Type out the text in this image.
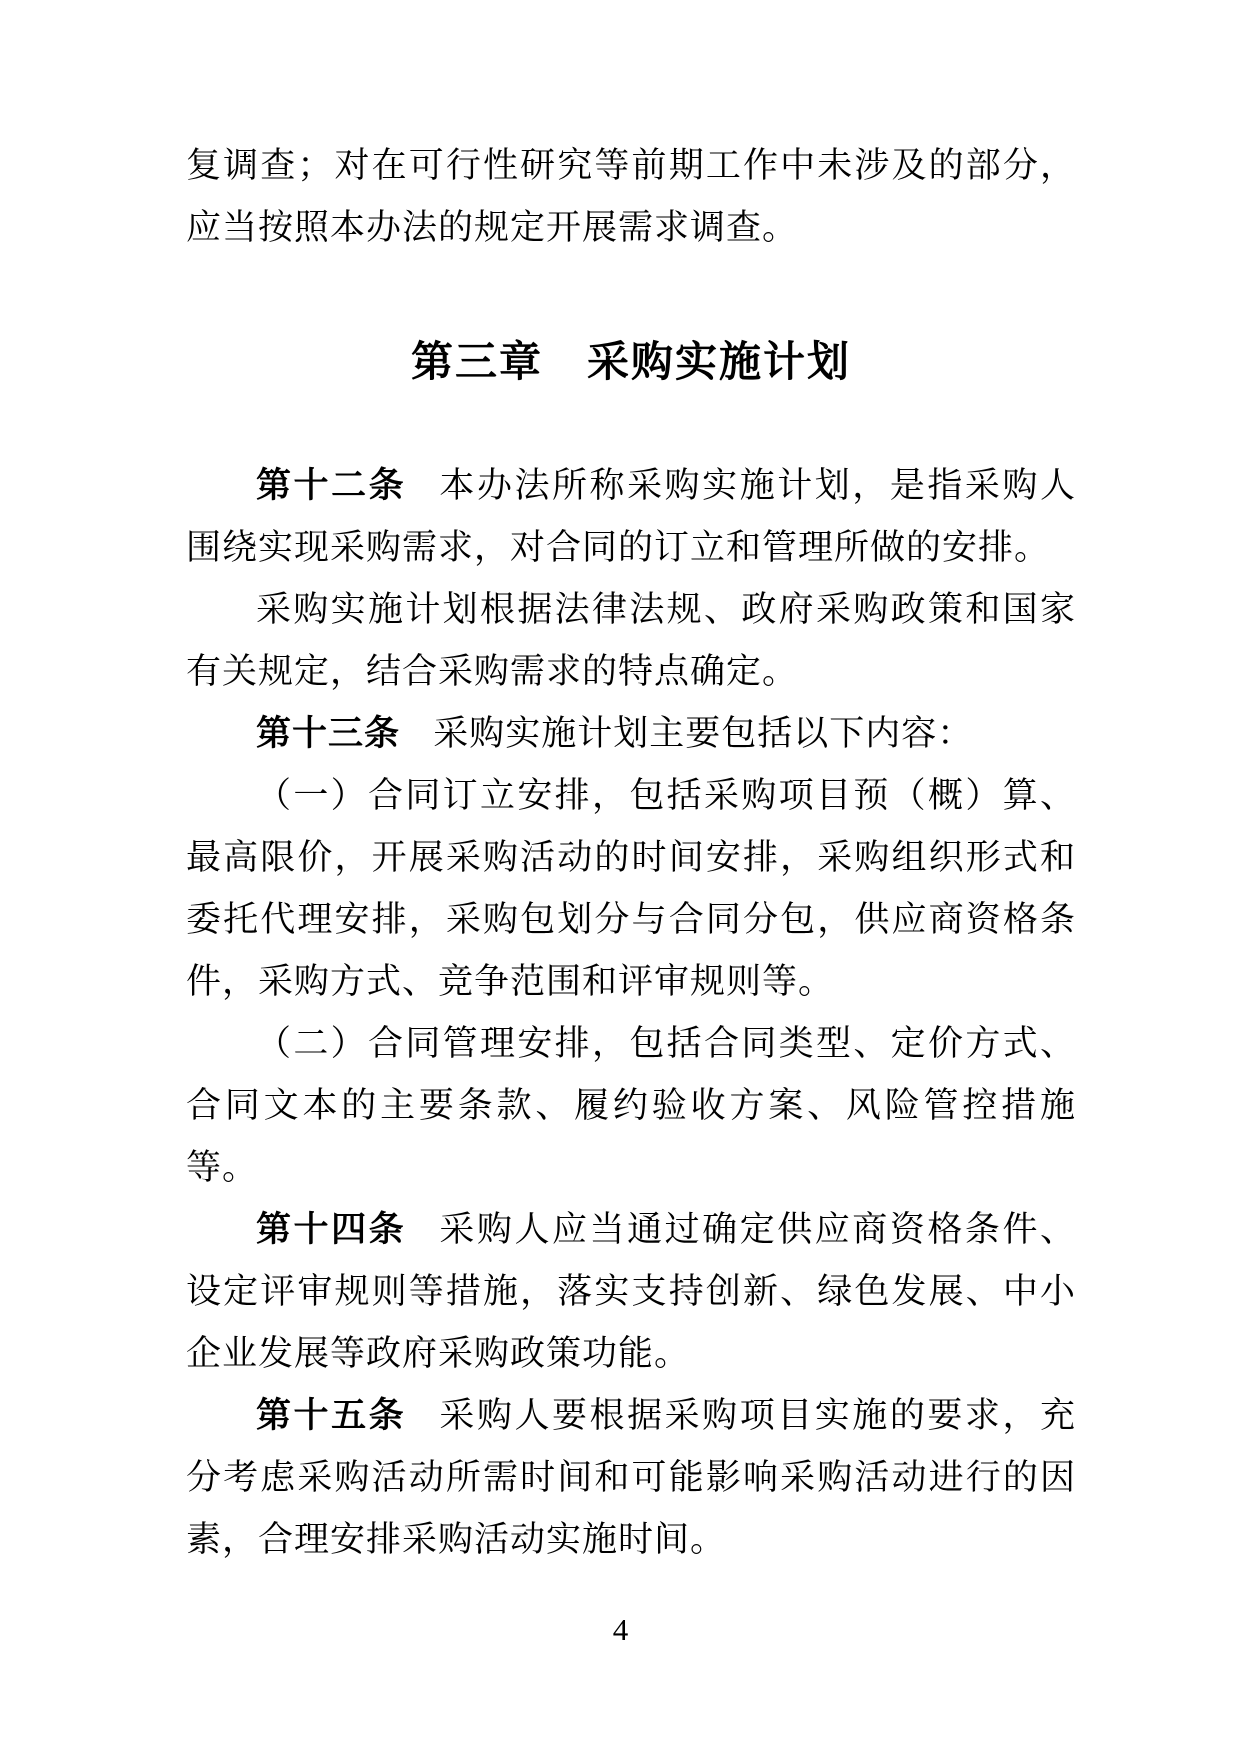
复调查；对在可行性研究等前期工作中未涉及的部分，应当按照本办法的规定开展需求调查。

第三章　采购实施计划

第十二条 本办法所称采购实施计划，是指采购人围绕实现采购需求，对合同的订立和管理所做的安排。

采购实施计划根据法律法规、政府采购政策和国家有关规定，结合采购需求的特点确定。

第十三条 采购实施计划主要包括以下内容：

（一）合同订立安排，包括采购项目预（概）算、最高限价，开展采购活动的时间安排，采购组织形式和委托代理安排，采购包划分与合同分包，供应商资格条件，采购方式、竞争范围和评审规则等。

（二）合同管理安排，包括合同类型、定价方式、合同文本的主要条款、履约验收方案、风险管控措施等。

第十四条 采购人应当通过确定供应商资格条件、设定评审规则等措施，落实支持创新、绿色发展、中小企业发展等政府采购政策功能。

第十五条 采购人要根据采购项目实施的要求，充分考虑采购活动所需时间和可能影响采购活动进行的因素，合理安排采购活动实施时间。

4
